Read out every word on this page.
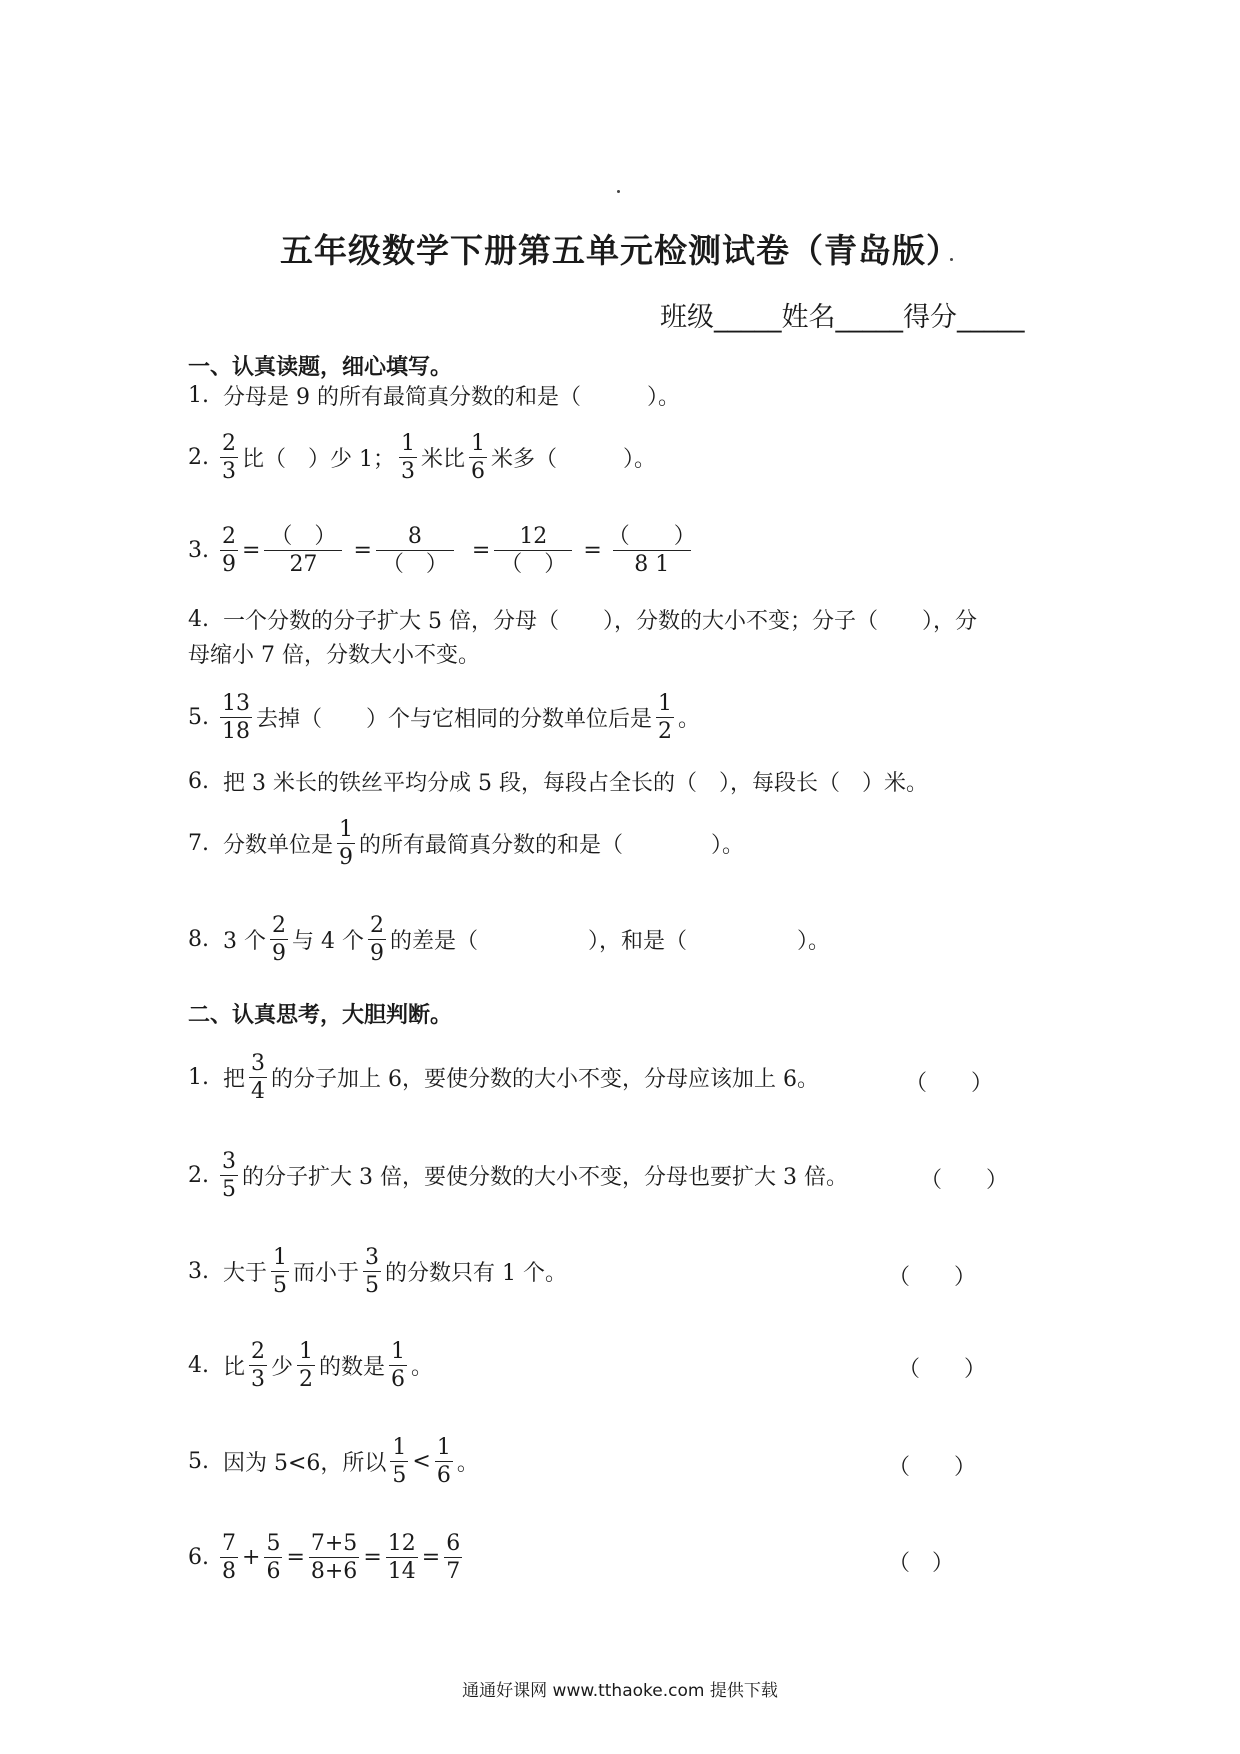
五年级数学下册第五单元检测试卷（青岛版）
班级_____姓名_____得分_____
一、认真读题，细心填写。
1.
分母是 9 的所有最简真分数的和是（　　　）。
2.
$\frac{2}{3}$ 比（　）少 1； $\frac{1}{3}$ 米比 $\frac{1}{6}$ 米多（　　　）。
3.
$\frac{2}{9} = \frac{( )}{27}$
= $\frac{8}{( )}$
= $\frac{12}{( )}$
= $\frac{( )}{8 1}$
4.
一个分数的分子扩大 5 倍，分母（　　），分数的大小不变；分子（　　），分
母缩小 7 倍，分数大小不变。
5.
$\frac{13}{18}$ 去掉（　　）个与它相同的分数单位后是 $\frac{1}{2}$ 。
6.
把 3 米长的铁丝平均分成 5 段，每段占全长的（　），每段长（　）米。
7.
分数单位是 $\frac{1}{9}$ 的所有最简真分数的和是（　　　　）。
8.
3 个 $\frac{2}{9}$ 与 4 个 $\frac{2}{9}$ 的差是（　　　　　），和是（　　　　　）。
二、认真思考，大胆判断。
1.
把 $\frac{3}{4}$ 的分子加上 6，要使分数的大小不变，分母应该加上 6。	（　　）
2.
$\frac{3}{5}$ 的分子扩大 3 倍，要使分数的大小不变，分母也要扩大 3 倍。	（　　）
3.
大于 $\frac{1}{5}$ 而小于 $\frac{3}{5}$ 的分数只有 1 个。	（　　）
4.
比 $\frac{2}{3}$ 少 $\frac{1}{2}$ 的数是 $\frac{1}{6}$ 。	（　　）
5.
因为 5<6，所以 $\frac{1}{5} < \frac{1}{6}$ 。	（　　）
6.
$\frac{7}{8} + \frac{5}{6} = \frac{7+5}{8+6} = \frac{12}{14} = \frac{6}{7}$	（　）
通通好课网 www.tthaoke.com 提供下载
